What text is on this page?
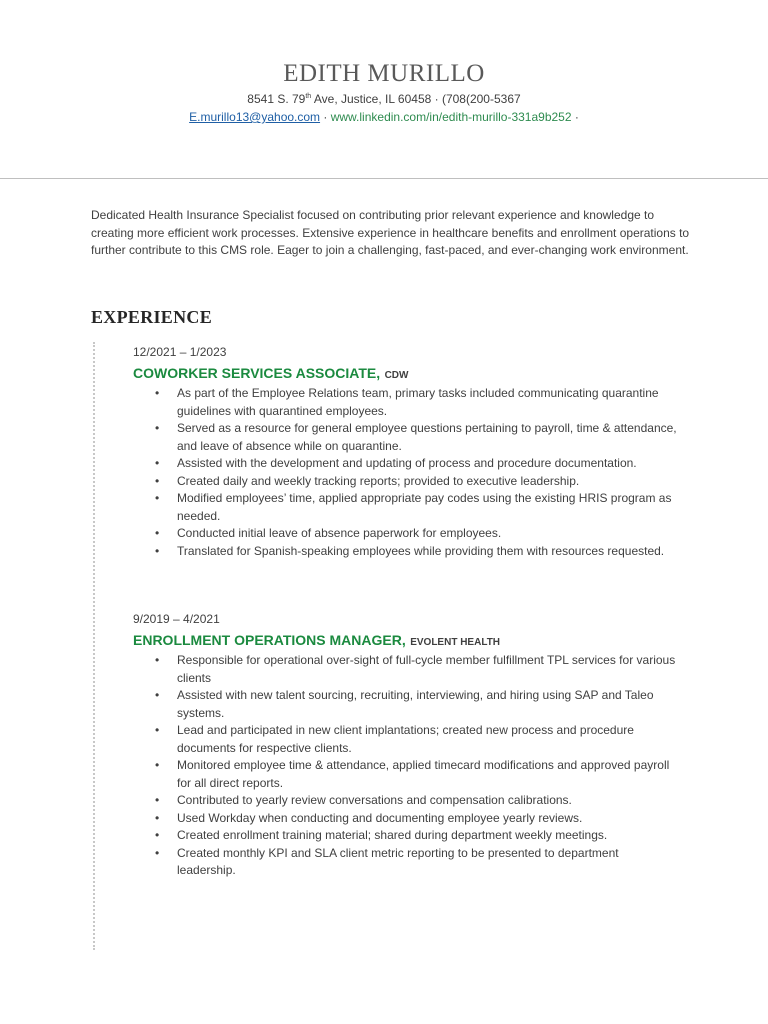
EDITH MURILLO
8541 S. 79th Ave, Justice, IL 60458 · (708(200-5367
E.murillo13@yahoo.com · www.linkedin.com/in/edith-murillo-331a9b252 ·
Dedicated Health Insurance Specialist focused on contributing prior relevant experience and knowledge to creating more efficient work processes. Extensive experience in healthcare benefits and enrollment operations to further contribute to this CMS role. Eager to join a challenging, fast-paced, and ever-changing work environment.
EXPERIENCE
12/2021 – 1/2023
COWORKER SERVICES ASSOCIATE, CDW
• As part of the Employee Relations team, primary tasks included communicating quarantine guidelines with quarantined employees.
• Served as a resource for general employee questions pertaining to payroll, time & attendance, and leave of absence while on quarantine.
• Assisted with the development and updating of process and procedure documentation.
• Created daily and weekly tracking reports; provided to executive leadership.
• Modified employees’ time, applied appropriate pay codes using the existing HRIS program as needed.
• Conducted initial leave of absence paperwork for employees.
• Translated for Spanish-speaking employees while providing them with resources requested.
9/2019 – 4/2021
ENROLLMENT OPERATIONS MANAGER, EVOLENT HEALTH
• Responsible for operational over-sight of full-cycle member fulfillment TPL services for various clients
• Assisted with new talent sourcing, recruiting, interviewing, and hiring using SAP and Taleo systems.
• Lead and participated in new client implantations; created new process and procedure documents for respective clients.
• Monitored employee time & attendance, applied timecard modifications and approved payroll for all direct reports.
• Contributed to yearly review conversations and compensation calibrations.
• Used Workday when conducting and documenting employee yearly reviews.
• Created enrollment training material; shared during department weekly meetings.
• Created monthly KPI and SLA client metric reporting to be presented to department leadership.
